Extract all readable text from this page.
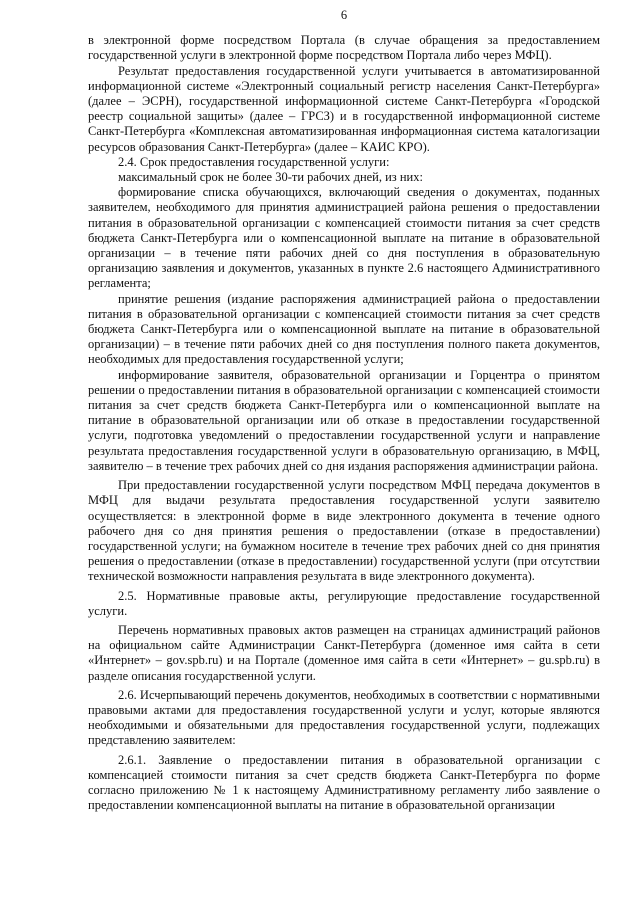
6

в электронной форме посредством Портала (в случае обращения за предоставлением государственной услуги в электронной форме посредством Портала либо через МФЦ).

Результат предоставления государственной услуги учитывается в автоматизированной информационной системе «Электронный социальный регистр населения Санкт-Петербурга» (далее – ЭСРН), государственной информационной системе Санкт-Петербурга «Городской реестр социальной защиты» (далее – ГРСЗ) и в государственной информационной системе Санкт-Петербурга «Комплексная автоматизированная информационная система каталогизации ресурсов образования Санкт-Петербурга» (далее – КАИС КРО).

2.4. Срок предоставления государственной услуги:

максимальный срок не более 30-ти рабочих дней, из них:

формирование списка обучающихся, включающий сведения о документах, поданных заявителем, необходимого для принятия администрацией района решения о предоставлении питания в образовательной организации с компенсацией стоимости питания за счет средств бюджета Санкт-Петербурга или о компенсационной выплате на питание в образовательной организации – в течение пяти рабочих дней со дня поступления в образовательную организацию заявления и документов, указанных в пункте 2.6 настоящего Административного регламента;

принятие решения (издание распоряжения администрацией района о предоставлении питания в образовательной организации с компенсацией стоимости питания за счет средств бюджета Санкт-Петербурга или о компенсационной выплате на питание в образовательной организации) – в течение пяти рабочих дней со дня поступления полного пакета документов, необходимых для предоставления государственной услуги;

информирование заявителя, образовательной организации и Горцентра о принятом решении о предоставлении питания в образовательной организации с компенсацией стоимости питания за счет средств бюджета Санкт-Петербурга или о компенсационной выплате на питание в образовательной организации или об отказе в предоставлении государственной услуги, подготовка уведомлений о предоставлении государственной услуги и направление результата предоставления государственной услуги в образовательную организацию, в МФЦ, заявителю – в течение трех рабочих дней со дня издания распоряжения администрации района.

При предоставлении государственной услуги посредством МФЦ передача документов в МФЦ для выдачи результата предоставления государственной услуги заявителю осуществляется: в электронной форме в виде электронного документа в течение одного рабочего дня со дня принятия решения о предоставлении (отказе в предоставлении) государственной услуги; на бумажном носителе в течение трех рабочих дней со дня принятия решения о предоставлении (отказе в предоставлении) государственной услуги (при отсутствии технической возможности направления результата в виде электронного документа).

2.5. Нормативные правовые акты, регулирующие предоставление государственной услуги.

Перечень нормативных правовых актов размещен на страницах администраций районов на официальном сайте Администрации Санкт-Петербурга (доменное имя сайта в сети «Интернет» – gov.spb.ru) и на Портале (доменное имя сайта в сети «Интернет» – gu.spb.ru) в разделе описания государственной услуги.

2.6. Исчерпывающий перечень документов, необходимых в соответствии с нормативными правовыми актами для предоставления государственной услуги и услуг, которые являются необходимыми и обязательными для предоставления государственной услуги, подлежащих представлению заявителем:

2.6.1. Заявление о предоставлении питания в образовательной организации с компенсацией стоимости питания за счет средств бюджета Санкт-Петербурга по форме согласно приложению № 1 к настоящему Административному регламенту либо заявление о предоставлении компенсационной выплаты на питание в образовательной организации
